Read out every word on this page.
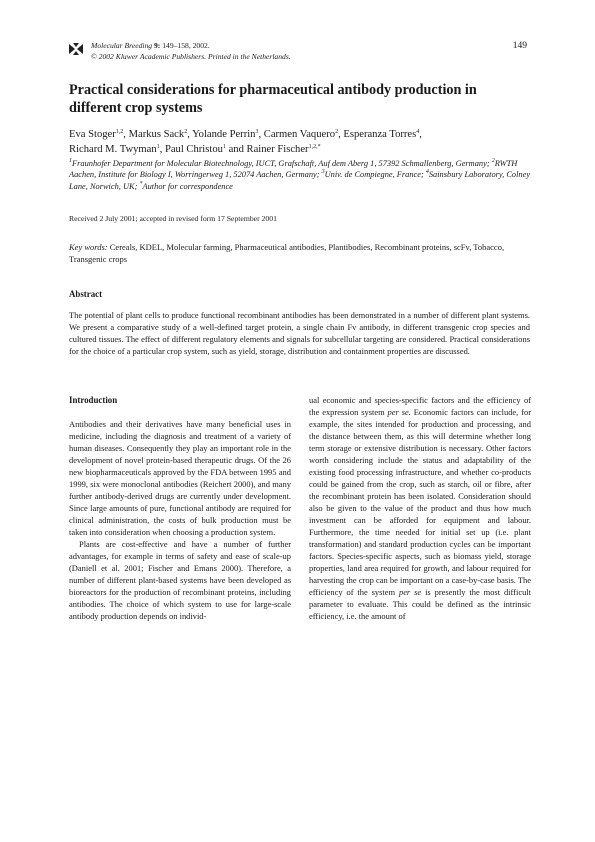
Molecular Breeding 9: 149–158, 2002.
© 2002 Kluwer Academic Publishers. Printed in the Netherlands.
149
Practical considerations for pharmaceutical antibody production in different crop systems
Eva Stoger$^{1,2}$, Markus Sack$^2$, Yolande Perrin$^3$, Carmen Vaquero$^2$, Esperanza Torres$^4$,
Richard M. Twyman$^1$, Paul Christou$^1$ and Rainer Fischer$^{1,2,*}$
$^1$Fraunhofer Department for Molecular Biotechnology, IUCT, Grafschaft, Auf dem Aberg 1, 57392 Schmallenberg, Germany; $^2$RWTH Aachen, Institute for Biology I, Worringerweg 1, 52074 Aachen, Germany; $^3$Univ. de Compiegne, France; $^4$Sainsbury Laboratory, Colney Lane, Norwich, UK; *Author for correspondence
Received 2 July 2001; accepted in revised form 17 September 2001
Key words: Cereals, KDEL, Molecular farming, Pharmaceutical antibodies, Plantibodies, Recombinant proteins, scFv, Tobacco, Transgenic crops
Abstract
The potential of plant cells to produce functional recombinant antibodies has been demonstrated in a number of different plant systems. We present a comparative study of a well-defined target protein, a single chain Fv antibody, in different transgenic crop species and cultured tissues. The effect of different regulatory elements and signals for subcellular targeting are considered. Practical considerations for the choice of a particular crop system, such as yield, storage, distribution and containment properties are discussed.

Introduction

Antibodies and their derivatives have many beneficial uses in medicine, including the diagnosis and treatment of a variety of human diseases. Consequently they play an important role in the development of novel protein-based therapeutic drugs. Of the 26 new biopharmaceuticals approved by the FDA between 1995 and 1999, six were monoclonal antibodies (Reichert 2000), and many further antibody-derived drugs are currently under development. Since large amounts of pure, functional antibody are required for clinical administration, the costs of bulk production must be taken into consideration when choosing a production system.

Plants are cost-effective and have a number of further advantages, for example in terms of safety and ease of scale-up (Daniell et al. 2001; Fischer and Emans 2000). Therefore, a number of different plant-based systems have been developed as bioreactors for the production of recombinant proteins, including antibodies. The choice of which system to use for large-scale antibody production depends on individ-

ual economic and species-specific factors and the efficiency of the expression system per se. Economic factors can include, for example, the sites intended for production and processing, and the distance between them, as this will determine whether long term storage or extensive distribution is necessary. Other factors worth considering include the status and adaptability of the existing food processing infrastructure, and whether co-products could be gained from the crop, such as starch, oil or fibre, after the recombinant protein has been isolated. Consideration should also be given to the value of the product and thus how much investment can be afforded for equipment and labour. Furthermore, the time needed for initial set up (i.e. plant transformation) and standard production cycles can be important factors. Species-specific aspects, such as biomass yield, storage properties, land area required for growth, and labour required for harvesting the crop can be important on a case-by-case basis. The efficiency of the system per se is presently the most difficult parameter to evaluate. This could be defined as the intrinsic efficiency, i.e. the amount of
